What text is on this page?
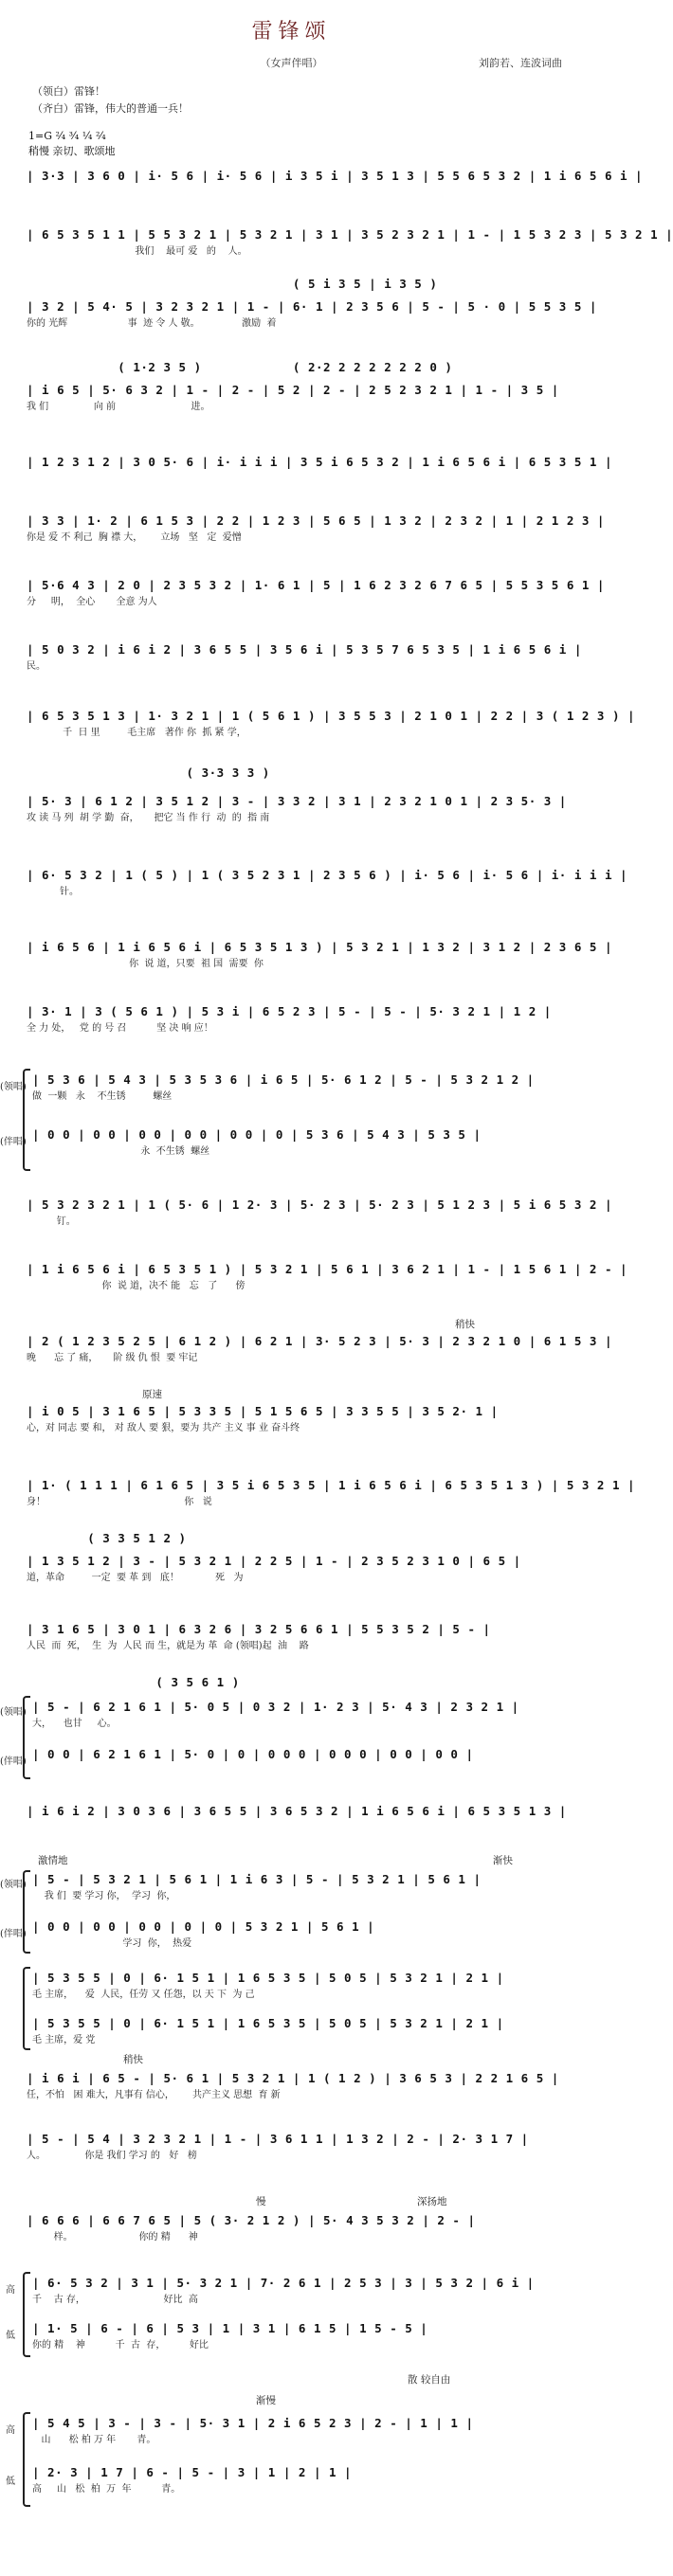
雷锋颂
（女声伴唱）	刘韵若、连波词曲
（领白）雷锋！
（齐白）雷锋，伟大的普通一兵！
1=G ²⁄₄ ³⁄₄ ¹⁄₄ ²⁄₄
稍慢 亲切、歌颂地
| 3·3 | 3 6 0 | i· 5 6 | i· 5 6 | i 3 5 i | 3 5 1 3 | 5 5 6 5 3 2 | 1 i 6 5 6 i |
| 6 5 3 5 1 1 | 5 5 3 2 1 | 5 3 2 1 | 3 1 | 3 5 2 3 2 1 | 1 - | 1 5 3 2 3 | 5 3 2 1 |
我们    最可 爱   的    人。
( 5 i 3 5 | i 3 5 )
| 3 2 | 5 4· 5 | 3 2 3 2 1 | 1 - | 6· 1 | 2 3 5 6 | 5 - | 5 · 0 | 5 5 3 5 |
你的 光辉                    事  迹 令 人 敬。              激励  着
( 1·2 3 5 )            ( 2·2 2 2 2 2 2 2 0 )
| i 6 5 | 5· 6 3 2 | 1 - | 2 - | 5 2 | 2 - | 2 5 2 3 2 1 | 1 - | 3 5 |
我 们               向 前                         进。
| 1 2 3 1 2 | 3 0 5· 6 | i· i i i | 3 5 i 6 5 3 2 | 1 i 6 5 6 i | 6 5 3 5 1 |
| 3 3 | 1· 2 | 6 1 5 3 | 2 2 | 1 2 3 | 5 6 5 | 1 3 2 | 2 3 2 | 1 | 2 1 2 3 |
你是 爱 不 利己  胸 襟 大，      立场   坚   定  爱憎
| 5·6 4 3 | 2 0 | 2 3 5 3 2 | 1· 6 1 | 5 | 1 6 2 3 2 6 7 6 5 | 5 5 3 5 6 1 |
分     明，  全心       全意 为人
| 5 0 3 2 | i 6 i 2 | 3 6 5 5 | 3 5 6 i | 5 3 5 7 6 5 3 5 | 1 i 6 5 6 i |
民。
| 6 5 3 5 1 3 | 1· 3 2 1 | 1 ( 5 6 1 ) | 3 5 5 3 | 2 1 0 1 | 2 2 | 3 ( 1 2 3 ) |
千  日 里         毛主席   著作 你  抓 紧 学，
( 3·3 3 3 )
| 5· 3 | 6 1 2 | 3 5 1 2 | 3 - | 3 3 2 | 3 1 | 2 3 2 1 0 1 | 2 3 5· 3 |
攻 读 马 列  胡 学 勤  奋，     把它 当 作 行  动  的  指 南
| 6· 5 3 2 | 1 ( 5 ) | 1 ( 3 5 2 3 1 | 2 3 5 6 ) | i· 5 6 | i· 5 6 | i· i i i |
针。
| i 6 5 6 | 1 i 6 5 6 i | 6 5 3 5 1 3 ) | 5 3 2 1 | 1 3 2 | 3 1 2 | 2 3 6 5 |
你  说 道，只要  祖 国  需要  你
| 3· 1 | 3 ( 5 6 1 ) | 5 3 i | 6 5 2 3 | 5 - | 5 - | 5· 3 2 1 | 1 2 |
全 力 处，   党 的 号 召          坚 决 响 应！
(领唱)
(伴唱)
| 5 3 6 | 5 4 3 | 5 3 5 3 6 | i 6 5 | 5· 6 1 2 | 5 - | 5 3 2 1 2 |
做  一颗   永    不生锈         螺丝
| 0 0 | 0 0 | 0 0 | 0 0 | 0 0 | 0 | 5 3 6 | 5 4 3 | 5 3 5 |
永  不生锈  螺丝
| 5 3 2 3 2 1 | 1 ( 5· 6 | 1 2· 3 | 5· 2 3 | 5· 2 3 | 5 1 2 3 | 5 i 6 5 3 2 |
钉。
| 1 i 6 5 6 i | 6 5 3 5 1 ) | 5 3 2 1 | 5 6 1 | 3 6 2 1 | 1 - | 1 5 6 1 | 2 - |
你  说 道，决不 能   忘   了      傍
稍快
| 2 ( 1 2 3 5 2 5 | 6 1 2 ) | 6 2 1 | 3· 5 2 3 | 5· 3 | 2 3 2 1 0 | 6 1 5 3 |
晚      忘 了 痛，     阶 级 仇 恨  要 牢记
原速
| i 0 5 | 3 1 6 5 | 5 3 3 5 | 5 1 5 6 5 | 3 3 5 5 | 3 5 2· 1 |
心，对 同志 要 和， 对 敌人 要 狠，要为 共产 主义 事 业 奋斗终
| 1· ( 1 1 1 | 6 1 6 5 | 3 5 i 6 5 3 5 | 1 i 6 5 6 i | 6 5 3 5 1 3 ) | 5 3 2 1 |
身！                                              你   说
( 3 3 5 1 2 )
| 1 3 5 1 2 | 3 - | 5 3 2 1 | 2 2 5 | 1 - | 2 3 5 2 3 1 0 | 6 5 |
道，革命         一定  要 革 到   底！            死   为
| 3 1 6 5 | 3 0 1 | 6 3 2 6 | 3 2 5 6 6 1 | 5 5 3 5 2 | 5 - |
人民  而  死，  生  为  人民 而 生，就是为 革  命 (领唱)起  油    路
( 3 5 6 1 )
(领唱)
(伴唱)
| 5 - | 6 2 1 6 1 | 5· 0 5 | 0 3 2 | 1· 2 3 | 5· 4 3 | 2 3 2 1 |
大，    也甘     心。
| 0 0 | 6 2 1 6 1 | 5· 0 | 0 | 0 0 0 | 0 0 0 | 0 0 | 0 0 |
| i 6 i 2 | 3 0 3 6 | 3 6 5 5 | 3 6 5 3 2 | 1 i 6 5 6 i | 6 5 3 5 1 3 |
激情地	渐快
(领唱)
(伴唱)
| 5 - | 5 3 2 1 | 5 6 1 | 1 i 6 3 | 5 - | 5 3 2 1 | 5 6 1 |
我 们  要 学习 你，  学习  你，
| 0 0 | 0 0 | 0 0 | 0 | 0 | 5 3 2 1 | 5 6 1 |
学习  你，  热爱
| 5 3 5 5 | 0 | 6· 1 5 1 | 1 6 5 3 5 | 5 0 5 | 5 3 2 1 | 2 1 |
毛 主席，    爱  人民，任劳 又 任怨，以 天 下  为 己
| 5 3 5 5 | 0 | 6· 1 5 1 | 1 6 5 3 5 | 5 0 5 | 5 3 2 1 | 2 1 |
毛 主席，爱 党
稍快
| i 6 i | 6 5 - | 5· 6 1 | 5 3 2 1 | 1 ( 1 2 ) | 3 6 5 3 | 2 2 1 6 5 |
任，不怕   困 难大，凡事有 信心，      共产主义 思想  育 新
| 5 - | 5 4 | 3 2 3 2 1 | 1 - | 3 6 1 1 | 1 3 2 | 2 - | 2· 3 1 7 |
人。             你是 我们 学习 的   好   榜
慢	深扬地
| 6 6 6 | 6 6 7 6 5 | 5 ( 3· 2 1 2 ) | 5· 4 3 5 3 2 | 2 - |
样。                      你的 精      神
高
低
| 6· 5 3 2 | 3 1 | 5· 3 2 1 | 7· 2 6 1 | 2 5 3 | 3 | 5 3 2 | 6 i |
千    古 存，                          好比  高
| 1· 5 | 6 - | 6 | 5 3 | 1 | 3 1 | 6 1 5 | 1 5 - 5 |
你的 精    神          千  古  存，        好比
散 较自由
渐慢
高
低
| 5 4 5 | 3 - | 3 - | 5· 3 1 | 2 i 6 5 2 3 | 2 - | 1 | 1 |
山      松 柏 万 年       青。
| 2· 3 | 1 7 | 6 - | 5 - | 3 | 1 | 2 | 1 |
高     山   松  柏  万  年          青。
